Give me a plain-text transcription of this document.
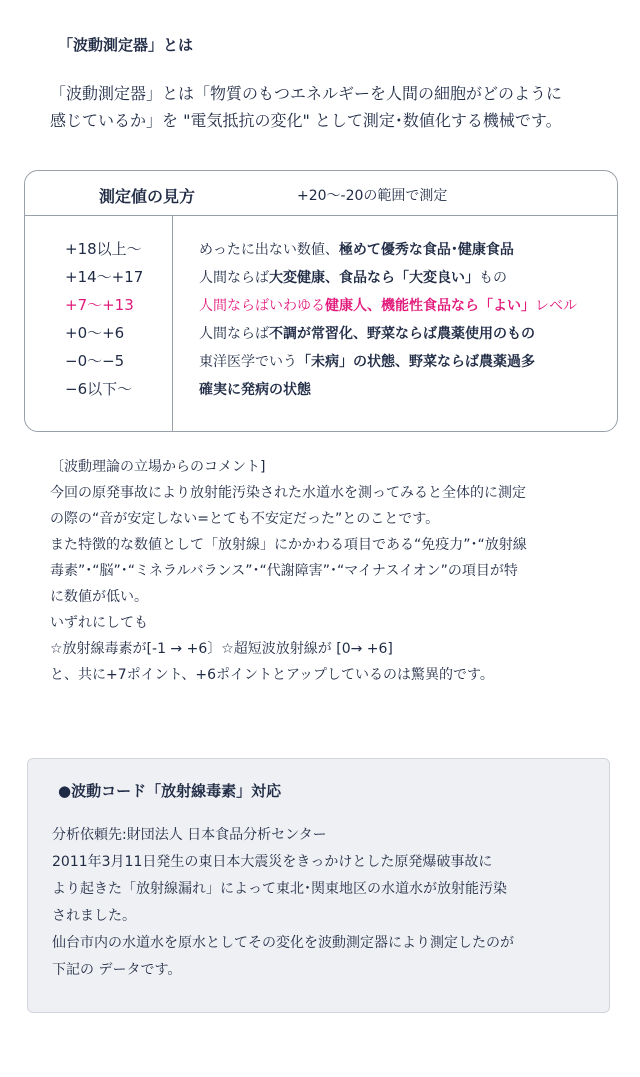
「波動測定器」とは
「波動測定器」とは「物質のもつエネルギーを人間の細胞がどのように
感じているか」を "電気抵抗の変化" として測定･数値化する機械です。
測定値の見方	+20〜-20の範囲で測定
+18以上〜	めったに出ない数値、極めて優秀な食品･健康食品
+14〜+17	人間ならば大変健康、食品なら「大変良い」もの
+7〜+13	人間ならばいわゆる健康人、機能性食品なら「よい」レベル
+0〜+6	人間ならば不調が常習化、野菜ならば農薬使用のもの
−0〜−5	東洋医学でいう「未病」の状態、野菜ならば農薬過多
−6以下〜	確実に発病の状態
〔波動理論の立場からのコメント]
今回の原発事故により放射能汚染された水道水を測ってみると全体的に測定
の際の“音が安定しない=とても不安定だった”とのことです。
また特徴的な数値として「放射線」にかかわる項目である“免疫力”･“放射線
毒素”･“脳”･“ミネラルバランス”･“代謝障害”･“マイナスイオン”の項目が特
に数値が低い。
いずれにしても
☆放射線毒素が[-1 → +6〕☆超短波放射線が [0→ +6]
と、共に+7ポイント、+6ポイントとアップしているのは驚異的です。
●波動コード「放射線毒素」対応
分析依頼先:財団法人 日本食品分析センター
2011年3月11日発生の東日本大震災をきっかけとした原発爆破事故に
より起きた「放射線漏れ」によって東北･関東地区の水道水が放射能汚染
されました。
仙台市内の水道水を原水としてその変化を波動測定器により測定したのが
下記の データです。
